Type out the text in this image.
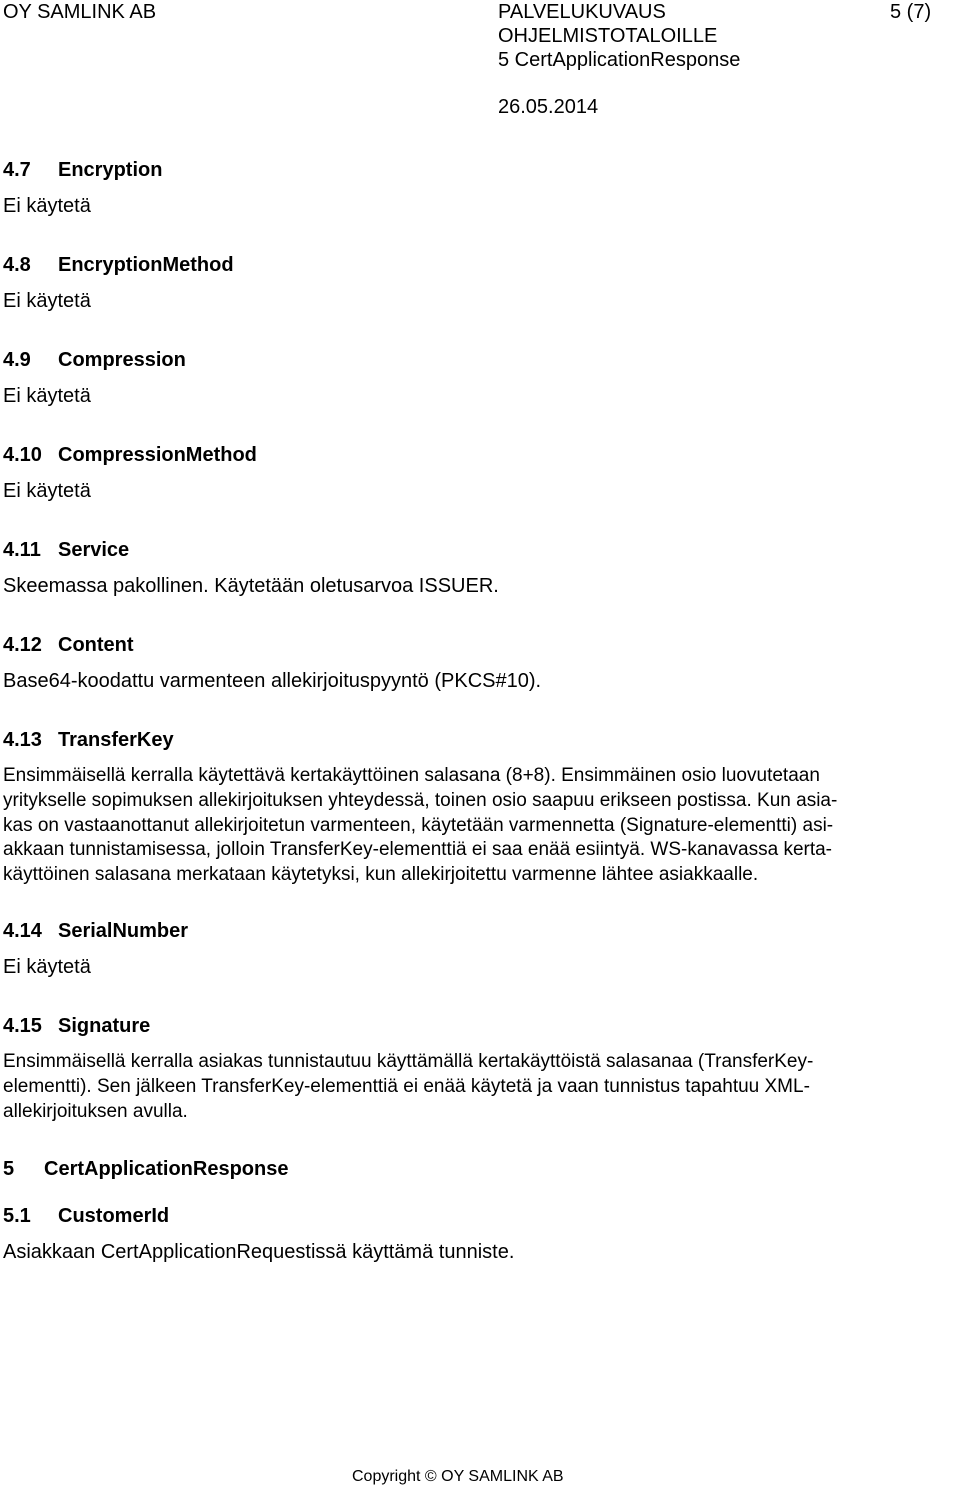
OY SAMLINK AB	PALVELUKUVAUS
OHJELMISTOTALOILLE
5 CertApplicationResponse
5 (7)
26.05.2014
4.7 Encryption
Ei käytetä
4.8 EncryptionMethod
Ei käytetä
4.9 Compression
Ei käytetä
4.10 CompressionMethod
Ei käytetä
4.11 Service
Skeemassa pakollinen. Käytetään oletusarvoa ISSUER.
4.12 Content
Base64-koodattu varmenteen allekirjoituspyyntö (PKCS#10).
4.13 TransferKey
Ensimmäisellä kerralla käytettävä kertakäyttöinen salasana (8+8). Ensimmäinen osio luovutetaan
yritykselle sopimuksen allekirjoituksen yhteydessä, toinen osio saapuu erikseen postissa. Kun asia-
kas on vastaanottanut allekirjoitetun varmenteen, käytetään varmennetta (Signature-elementti) asi-
akkaan tunnistamisessa, jolloin TransferKey-elementtiä ei saa enää esiintyä. WS-kanavassa kerta-
käyttöinen salasana merkataan käytetyksi, kun allekirjoitettu varmenne lähtee asiakkaalle.
4.14 SerialNumber
Ei käytetä
4.15 Signature
Ensimmäisellä kerralla asiakas tunnistautuu käyttämällä kertakäyttöistä salasanaa (TransferKey-
elementti). Sen jälkeen TransferKey-elementtiä ei enää käytetä ja vaan tunnistus tapahtuu XML-
allekirjoituksen avulla.
5 CertApplicationResponse
5.1 CustomerId
Asiakkaan CertApplicationRequestissä käyttämä tunniste.
Copyright © OY SAMLINK AB
